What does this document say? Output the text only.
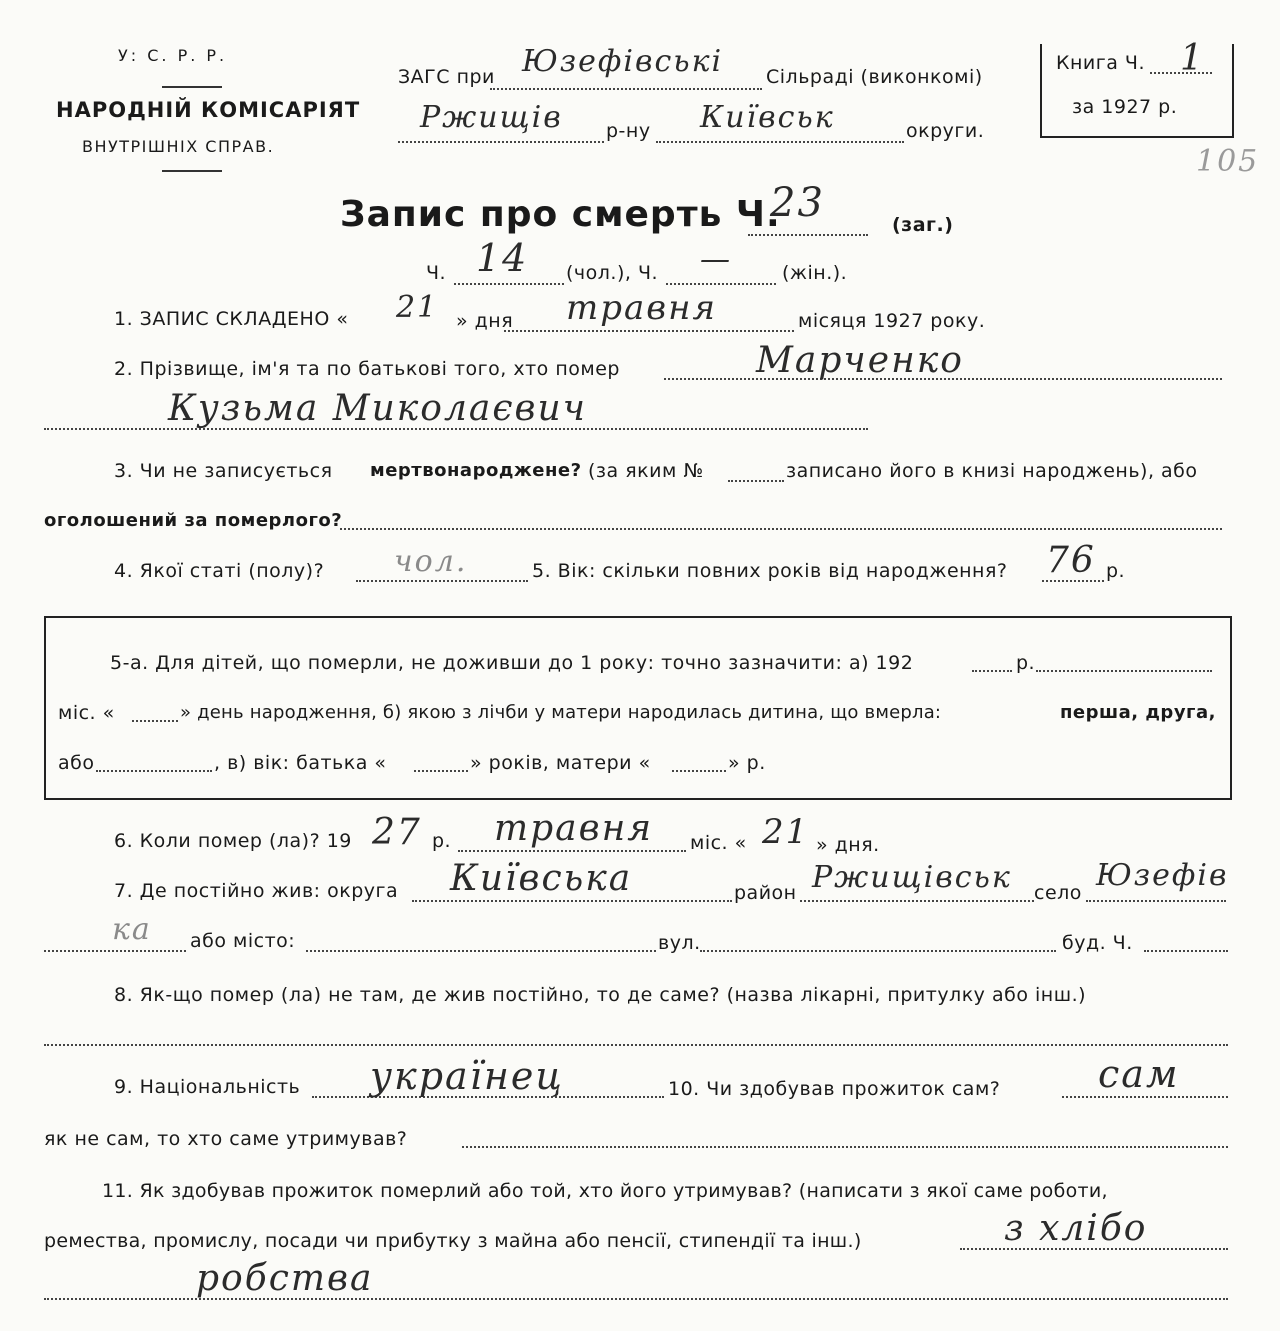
У: С. Р. Р.
НАРОДНІЙ КОМІСАРІЯТ
ВНУТРІШНІХ СПРАВ.
ЗАГС при Юзефівські Сільраді (виконкомі)
Ржищів р-ну Київськ	округи.
Книга Ч. 1
за 1927 р.
105
Запис про смерть Ч.
23	(заг.)
Ч. 14 (чол.), Ч. —	(жін.).
1. ЗАПИС СКЛАДЕНО « 21 » дня травня	місяця 1927 року.
2. Прізвище, ім'я та по батькові того, хто помер	Марченко
Кузьма Миколаєвич
3. Чи не записується мертвонароджене? (за яким №	записано його в книзі народжень), або
оголошений за померлого?
4. Якої статі (полу)? чол.	5. Вік: скільки повних років від народження? 76 р.
5-а. Для дітей, що померли, не доживши до 1 року: точно зазначити: а) 192	р.
міс. «	» день народження, б) якою з лічби у матери народилась дитина, що вмерла:	перша, друга,
або	, в) вік: батька «	» років, матери «	» р.
6. Коли помер (ла)? 19 27 р. травня міс. « 21 » дня.
7. Де постійно жив: округа Київська	район Ржищівськ село Юзефів
ка або місто:	вул.	буд. Ч.
8. Як-що помер (ла) не там, де жив постійно, то де саме? (назва лікарні, притулку або інш.)
9. Національність українец	10. Чи здобував прожиток сам?	сам
як не сам, то хто саме утримував?
11. Як здобував прожиток померлий або той, хто його утримував? (написати з якої саме роботи,
ремества, промислу, посади чи прибутку з майна або пенсії, стипендії та інш.)	з хлібо
робства
